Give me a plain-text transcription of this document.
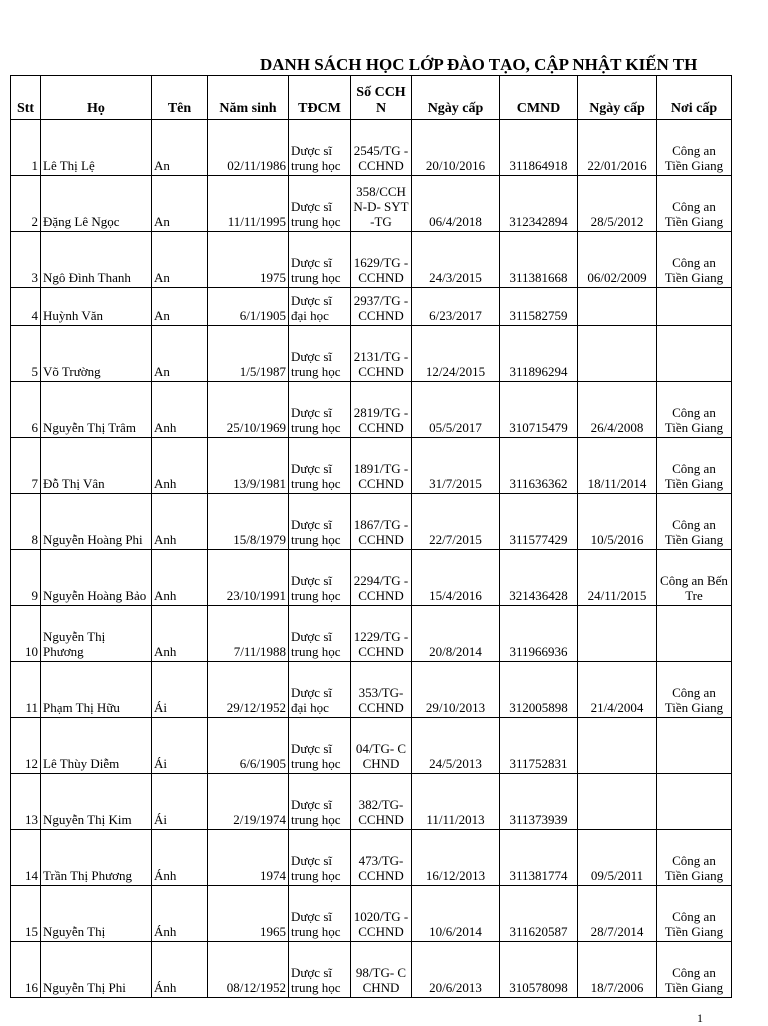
DANH SÁCH HỌC LỚP ĐÀO TẠO, CẬP NHẬT KIẾN TH
Stt	Họ	Tên	Năm sinh	TĐCM	Số CCHN	Ngày cấp	CMND	Ngày cấp	Nơi cấp
1	Lê Thị Lệ	An	02/11/1986	Dược sĩ trung học	2545/TG -CCHND	20/10/2016	311864918	22/01/2016	Công an Tiền Giang
2	Đặng Lê Ngọc	An	11/11/1995	Dược sĩ trung học	358/CCH N-D- SYT-TG	06/4/2018	312342894	28/5/2012	Công an Tiền Giang
3	Ngô Đình Thanh	An	1975	Dược sĩ trung học	1629/TG -CCHND	24/3/2015	311381668	06/02/2009	Công an Tiền Giang
4	Huỳnh Văn	An	6/1/1905	Dược sĩ đại học	2937/TG -CCHND	6/23/2017	311582759		
5	Võ Trường	An	1/5/1987	Dược sĩ trung học	2131/TG -CCHND	12/24/2015	311896294		
6	Nguyễn Thị Trâm	Anh	25/10/1969	Dược sĩ trung học	2819/TG -CCHND	05/5/2017	310715479	26/4/2008	Công an Tiền Giang
7	Đỗ Thị Vân	Anh	13/9/1981	Dược sĩ trung học	1891/TG -CCHND	31/7/2015	311636362	18/11/2014	Công an Tiền Giang
8	Nguyễn Hoàng Phi	Anh	15/8/1979	Dược sĩ trung học	1867/TG -CCHND	22/7/2015	311577429	10/5/2016	Công an Tiền Giang
9	Nguyễn Hoàng Bảo	Anh	23/10/1991	Dược sĩ trung học	2294/TG -CCHND	15/4/2016	321436428	24/11/2015	Công an Bến Tre
10	Nguyễn Thị Phương	Anh	7/11/1988	Dược sĩ trung học	1229/TG -CCHND	20/8/2014	311966936		
11	Phạm Thị Hữu	Ái	29/12/1952	Dược sĩ đại học	353/TG- CCHND	29/10/2013	312005898	21/4/2004	Công an Tiền Giang
12	Lê Thùy Diễm	Ái	6/6/1905	Dược sĩ trung học	04/TG- CCHND	24/5/2013	311752831		
13	Nguyễn Thị Kim	Ái	2/19/1974	Dược sĩ trung học	382/TG- CCHND	11/11/2013	311373939		
14	Trần Thị Phương	Ánh	1974	Dược sĩ trung học	473/TG- CCHND	16/12/2013	311381774	09/5/2011	Công an Tiền Giang
15	Nguyễn Thị	Ánh	1965	Dược sĩ trung học	1020/TG -CCHND	10/6/2014	311620587	28/7/2014	Công an Tiền Giang
16	Nguyễn Thị Phi	Ánh	08/12/1952	Dược sĩ trung học	98/TG- CCHND	20/6/2013	310578098	18/7/2006	Công an Tiền Giang
1
